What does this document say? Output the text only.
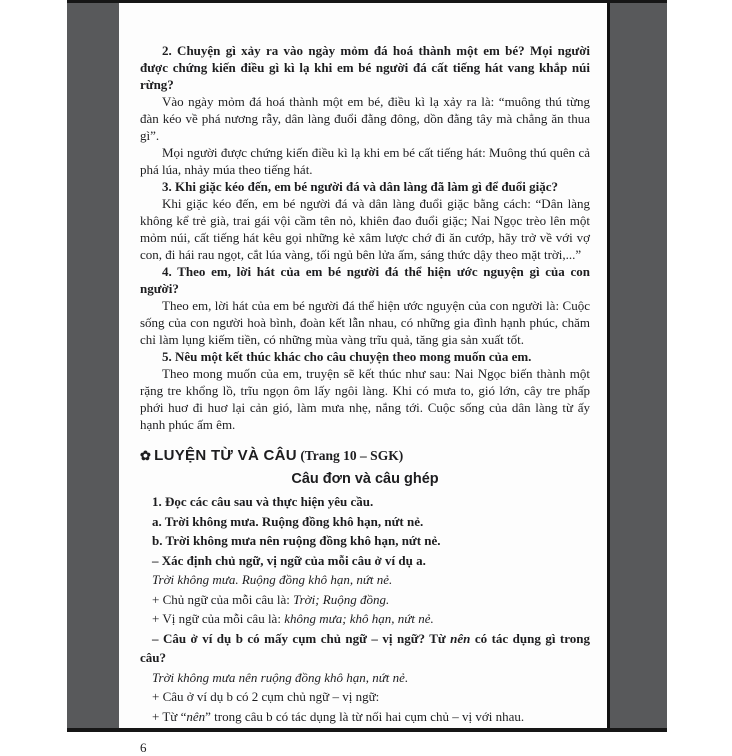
2. Chuyện gì xảy ra vào ngày mỏm đá hoá thành một em bé? Mọi người được chứng kiến điều gì kì lạ khi em bé người đá cất tiếng hát vang khắp núi rừng?

Vào ngày mỏm đá hoá thành một em bé, điều kì lạ xảy ra là: “muông thú từng đàn kéo về phá nương rẫy, dân làng đuổi đằng đông, dồn đằng tây mà chẳng ăn thua gì”.

Mọi người được chứng kiến điều kì lạ khi em bé cất tiếng hát: Muông thú quên cả phá lúa, nhảy múa theo tiếng hát.

3. Khi giặc kéo đến, em bé người đá và dân làng đã làm gì để đuổi giặc?

Khi giặc kéo đến, em bé người đá và dân làng đuổi giặc bằng cách: “Dân làng không kể trẻ già, trai gái vội cầm tên nỏ, khiên đao đuổi giặc; Nai Ngọc trèo lên một mỏm núi, cất tiếng hát kêu gọi những kẻ xâm lược chớ đi ăn cướp, hãy trở về với vợ con, đi hái rau ngọt, cắt lúa vàng, tối ngủ bên lửa ấm, sáng thức dậy theo mặt trời,...”

4. Theo em, lời hát của em bé người đá thể hiện ước nguyện gì của con người?

Theo em, lời hát của em bé người đá thể hiện ước nguyện của con người là: Cuộc sống của con người hoà bình, đoàn kết lẫn nhau, có những gia đình hạnh phúc, chăm chỉ làm lụng kiếm tiền, có những mùa vàng trĩu quả, tăng gia sản xuất tốt.

5. Nêu một kết thúc khác cho câu chuyện theo mong muốn của em.

Theo mong muốn của em, truyện sẽ kết thúc như sau: Nai Ngọc biến thành một rặng tre khổng lồ, trĩu ngọn ôm lấy ngôi làng. Khi có mưa to, gió lớn, cây tre phấp phới huơ đi huơ lại cản gió, làm mưa nhẹ, nắng tới. Cuộc sống của dân làng từ ấy hạnh phúc ấm êm.

✿ LUYỆN TỪ VÀ CÂU (Trang 10 – SGK)
Câu đơn và câu ghép

1. Đọc các câu sau và thực hiện yêu cầu.

a. Trời không mưa. Ruộng đồng khô hạn, nứt nẻ.

b. Trời không mưa nên ruộng đồng khô hạn, nứt nẻ.

– Xác định chủ ngữ, vị ngữ của mỗi câu ở ví dụ a.

Trời không mưa. Ruộng đồng khô hạn, nứt nẻ.

+ Chủ ngữ của mỗi câu là: Trời; Ruộng đồng.

+ Vị ngữ của mỗi câu là: không mưa; khô hạn, nứt nẻ.

– Câu ở ví dụ b có mấy cụm chủ ngữ – vị ngữ? Từ nên có tác dụng gì trong câu?

Trời không mưa nên ruộng đồng khô hạn, nứt nẻ.

+ Câu ở ví dụ b có 2 cụm chủ ngữ – vị ngữ:

+ Từ “nên” trong câu b có tác dụng là từ nối hai cụm chủ – vị với nhau.

6
